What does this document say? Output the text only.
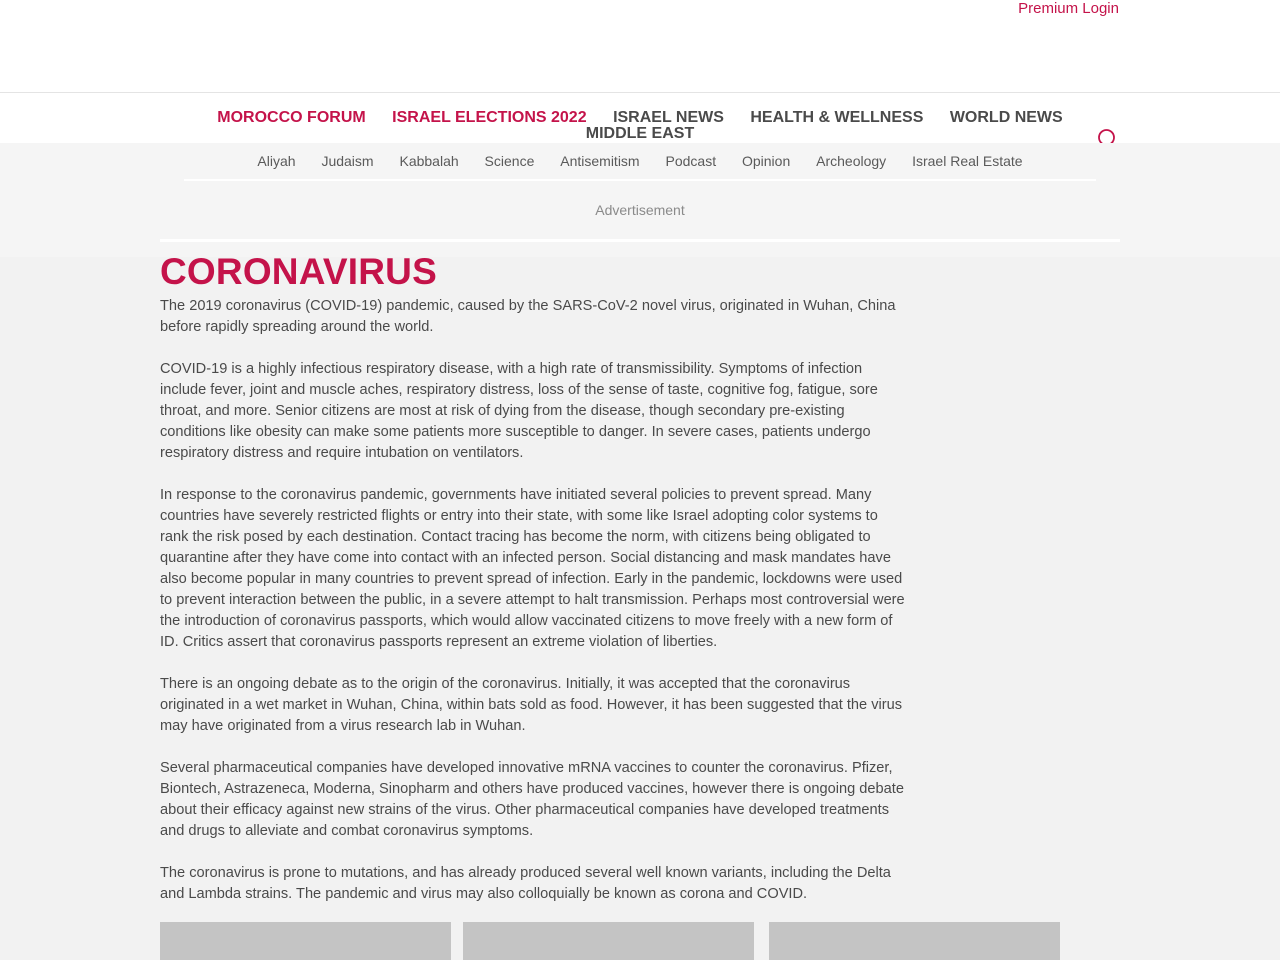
Premium Login
MOROCCO FORUM ISRAEL ELECTIONS 2022 ISRAEL NEWS HEALTH & WELLNESS WORLD NEWS MIDDLE EAST
Aliyah Judaism Kabbalah Science Antisemitism Podcast Opinion Archeology Israel Real Estate
Advertisement
CORONAVIRUS

The 2019 coronavirus (COVID-19) pandemic, caused by the SARS-CoV-2 novel virus, originated in Wuhan, China before rapidly spreading around the world.

COVID-19 is a highly infectious respiratory disease, with a high rate of transmissibility. Symptoms of infection include fever, joint and muscle aches, respiratory distress, loss of the sense of taste, cognitive fog, fatigue, sore throat, and more. Senior citizens are most at risk of dying from the disease, though secondary pre-existing conditions like obesity can make some patients more susceptible to danger. In severe cases, patients undergo respiratory distress and require intubation on ventilators.

In response to the coronavirus pandemic, governments have initiated several policies to prevent spread. Many countries have severely restricted flights or entry into their state, with some like Israel adopting color systems to rank the risk posed by each destination. Contact tracing has become the norm, with citizens being obligated to quarantine after they have come into contact with an infected person. Social distancing and mask mandates have also become popular in many countries to prevent spread of infection. Early in the pandemic, lockdowns were used to prevent interaction between the public, in a severe attempt to halt transmission. Perhaps most controversial were the introduction of coronavirus passports, which would allow vaccinated citizens to move freely with a new form of ID. Critics assert that coronavirus passports represent an extreme violation of liberties.

There is an ongoing debate as to the origin of the coronavirus. Initially, it was accepted that the coronavirus originated in a wet market in Wuhan, China, within bats sold as food. However, it has been suggested that the virus may have originated from a virus research lab in Wuhan.

Several pharmaceutical companies have developed innovative mRNA vaccines to counter the coronavirus. Pfizer, Biontech, Astrazeneca, Moderna, Sinopharm and others have produced vaccines, however there is ongoing debate about their efficacy against new strains of the virus. Other pharmaceutical companies have developed treatments and drugs to alleviate and combat coronavirus symptoms.

The coronavirus is prone to mutations, and has already produced several well known variants, including the Delta and Lambda strains. The pandemic and virus may also colloquially be known as corona and COVID.
